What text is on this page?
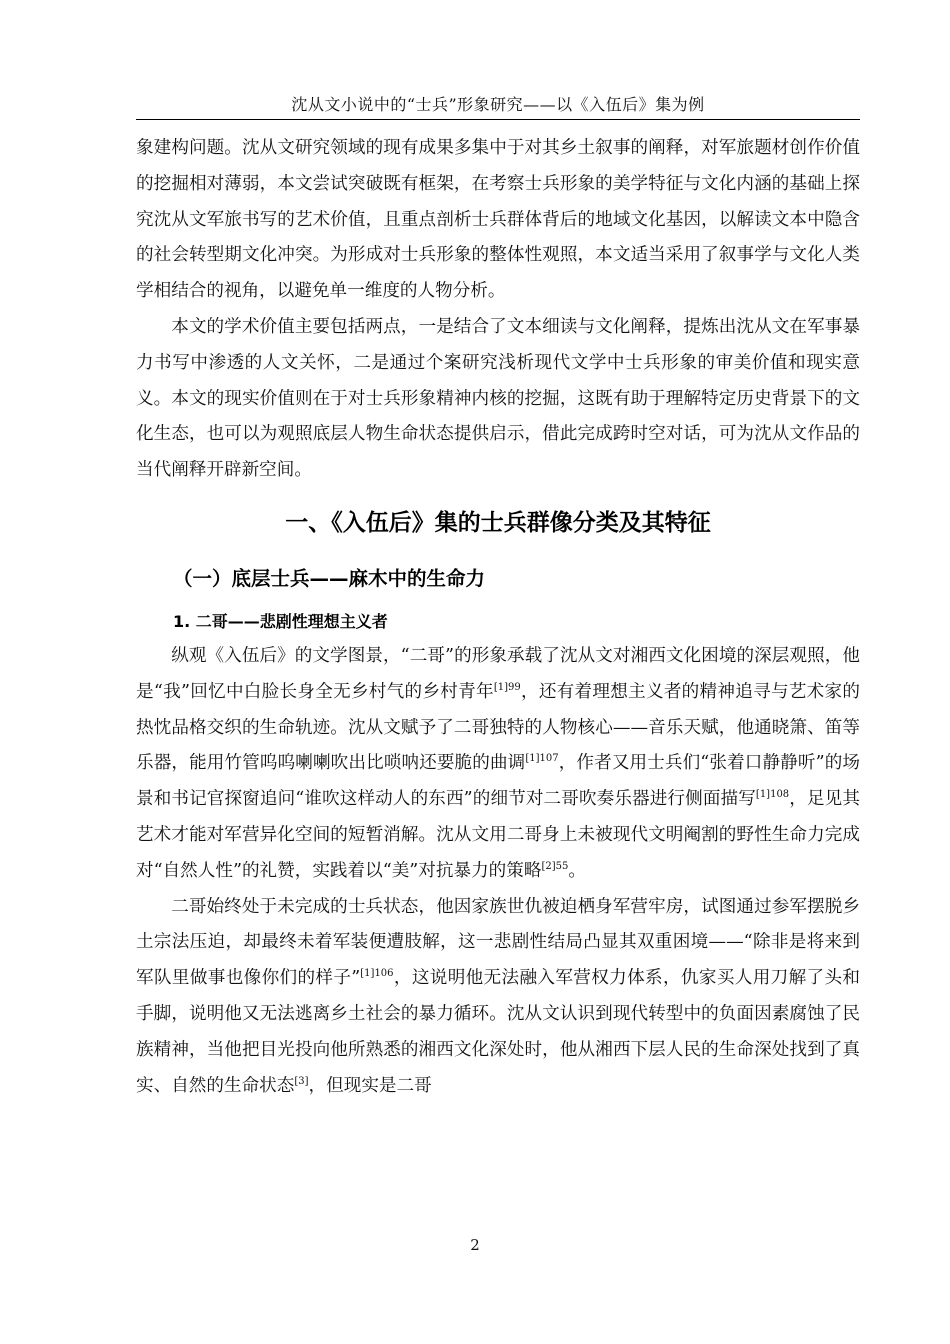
沈从文小说中的“士兵”形象研究——以《入伍后》集为例

象建构问题。沈从文研究领域的现有成果多集中于对其乡土叙事的阐释，对军旅题材创作价值的挖掘相对薄弱，本文尝试突破既有框架，在考察士兵形象的美学特征与文化内涵的基础上探究沈从文军旅书写的艺术价值，且重点剖析士兵群体背后的地域文化基因，以解读文本中隐含的社会转型期文化冲突。为形成对士兵形象的整体性观照，本文适当采用了叙事学与文化人类学相结合的视角，以避免单一维度的人物分析。

本文的学术价值主要包括两点，一是结合了文本细读与文化阐释，提炼出沈从文在军事暴力书写中渗透的人文关怀，二是通过个案研究浅析现代文学中士兵形象的审美价值和现实意义。本文的现实价值则在于对士兵形象精神内核的挖掘，这既有助于理解特定历史背景下的文化生态，也可以为观照底层人物生命状态提供启示，借此完成跨时空对话，可为沈从文作品的当代阐释开辟新空间。

一、《入伍后》集的士兵群像分类及其特征
（一）底层士兵——麻木中的生命力
1. 二哥——悲剧性理想主义者

纵观《入伍后》的文学图景，“二哥”的形象承载了沈从文对湘西文化困境的深层观照，他是“我”回忆中白脸长身全无乡村气的乡村青年$^{[1]99}$，还有着理想主义者的精神追寻与艺术家的热忱品格交织的生命轨迹。沈从文赋予了二哥独特的人物核心——音乐天赋，他通晓箫、笛等乐器，能用竹管呜呜喇喇吹出比唢呐还要脆的曲调$^{[1]107}$，作者又用士兵们“张着口静静听”的场景和书记官探窗追问“谁吹这样动人的东西”的细节对二哥吹奏乐器进行侧面描写$^{[1]108}$，足见其艺术才能对军营异化空间的短暂消解。沈从文用二哥身上未被现代文明阉割的野性生命力完成对“自然人性”的礼赞，实践着以“美”对抗暴力的策略$^{[2]55}$。

二哥始终处于未完成的士兵状态，他因家族世仇被迫栖身军营牢房，试图通过参军摆脱乡土宗法压迫，却最终未着军装便遭肢解，这一悲剧性结局凸显其双重困境——“除非是将来到军队里做事也像你们的样子”$^{[1]106}$，这说明他无法融入军营权力体系，仇家买人用刀解了头和手脚，说明他又无法逃离乡土社会的暴力循环。沈从文认识到现代转型中的负面因素腐蚀了民族精神，当他把目光投向他所熟悉的湘西文化深处时，他从湘西下层人民的生命深处找到了真实、自然的生命状态[3]，但现实是二哥

2
